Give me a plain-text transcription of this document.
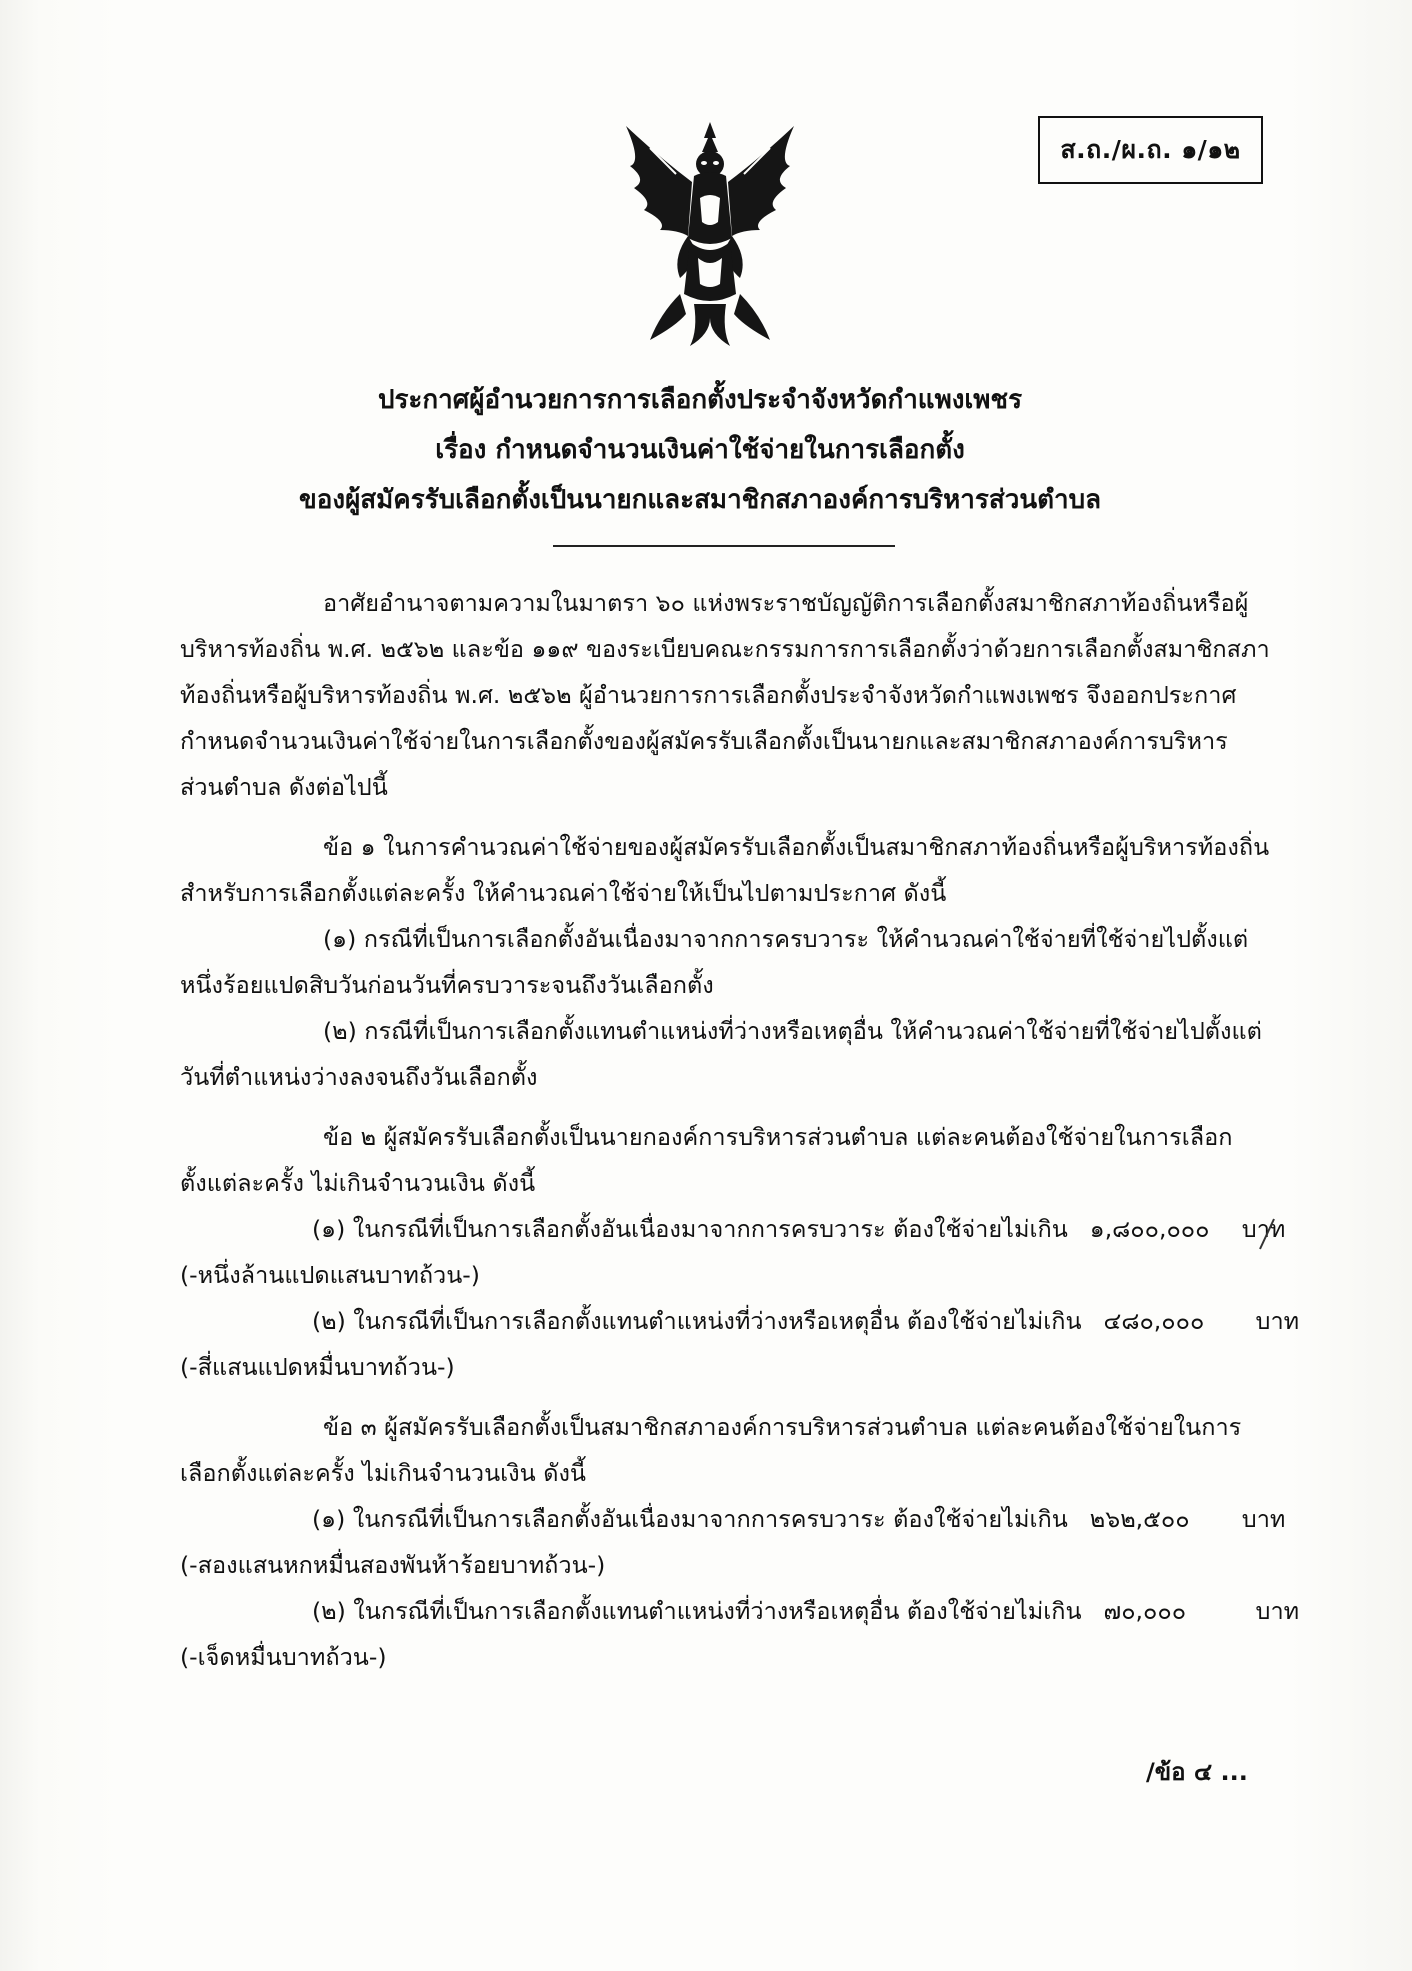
ส.ถ./ผ.ถ. ๑/๑๒
ประกาศผู้อำนวยการการเลือกตั้งประจำจังหวัดกำแพงเพชร
เรื่อง กำหนดจำนวนเงินค่าใช้จ่ายในการเลือกตั้ง
ของผู้สมัครรับเลือกตั้งเป็นนายกและสมาชิกสภาองค์การบริหารส่วนตำบล

อาศัยอำนาจตามความในมาตรา ๖๐ แห่งพระราชบัญญัติการเลือกตั้งสมาชิกสภาท้องถิ่นหรือผู้บริหารท้องถิ่น พ.ศ. ๒๕๖๒ และข้อ ๑๑๙ ของระเบียบคณะกรรมการการเลือกตั้งว่าด้วยการเลือกตั้งสมาชิกสภาท้องถิ่นหรือผู้บริหารท้องถิ่น พ.ศ. ๒๕๖๒ ผู้อำนวยการการเลือกตั้งประจำจังหวัดกำแพงเพชร จึงออกประกาศกำหนดจำนวนเงินค่าใช้จ่ายในการเลือกตั้งของผู้สมัครรับเลือกตั้งเป็นนายกและสมาชิกสภาองค์การบริหารส่วนตำบล ดังต่อไปนี้

ข้อ ๑ ในการคำนวณค่าใช้จ่ายของผู้สมัครรับเลือกตั้งเป็นสมาชิกสภาท้องถิ่นหรือผู้บริหารท้องถิ่นสำหรับการเลือกตั้งแต่ละครั้ง ให้คำนวณค่าใช้จ่ายให้เป็นไปตามประกาศ ดังนี้

(๑) กรณีที่เป็นการเลือกตั้งอันเนื่องมาจากการครบวาระ ให้คำนวณค่าใช้จ่ายที่ใช้จ่ายไปตั้งแต่หนึ่งร้อยแปดสิบวันก่อนวันที่ครบวาระจนถึงวันเลือกตั้ง

(๒) กรณีที่เป็นการเลือกตั้งแทนตำแหน่งที่ว่างหรือเหตุอื่น ให้คำนวณค่าใช้จ่ายที่ใช้จ่ายไปตั้งแต่วันที่ตำแหน่งว่างลงจนถึงวันเลือกตั้ง

ข้อ ๒ ผู้สมัครรับเลือกตั้งเป็นนายกองค์การบริหารส่วนตำบล แต่ละคนต้องใช้จ่ายในการเลือกตั้งแต่ละครั้ง ไม่เกินจำนวนเงิน ดังนี้

(๑) ในกรณีที่เป็นการเลือกตั้งอันเนื่องมาจากการครบวาระ ต้องใช้จ่ายไม่เกิน ๑,๘๐๐,๐๐๐	บาท

(-หนึ่งล้านแปดแสนบาทถ้วน-)

(๒) ในกรณีที่เป็นการเลือกตั้งแทนตำแหน่งที่ว่างหรือเหตุอื่น ต้องใช้จ่ายไม่เกิน ๔๘๐,๐๐๐	บาท

(-สี่แสนแปดหมื่นบาทถ้วน-)

ข้อ ๓ ผู้สมัครรับเลือกตั้งเป็นสมาชิกสภาองค์การบริหารส่วนตำบล แต่ละคนต้องใช้จ่ายในการเลือกตั้งแต่ละครั้ง ไม่เกินจำนวนเงิน ดังนี้

(๑) ในกรณีที่เป็นการเลือกตั้งอันเนื่องมาจากการครบวาระ ต้องใช้จ่ายไม่เกิน ๒๖๒,๕๐๐	บาท

(-สองแสนหกหมื่นสองพันห้าร้อยบาทถ้วน-)

(๒) ในกรณีที่เป็นการเลือกตั้งแทนตำแหน่งที่ว่างหรือเหตุอื่น ต้องใช้จ่ายไม่เกิน ๗๐,๐๐๐	บาท

(-เจ็ดหมื่นบาทถ้วน-)

/ข้อ ๔ ...
